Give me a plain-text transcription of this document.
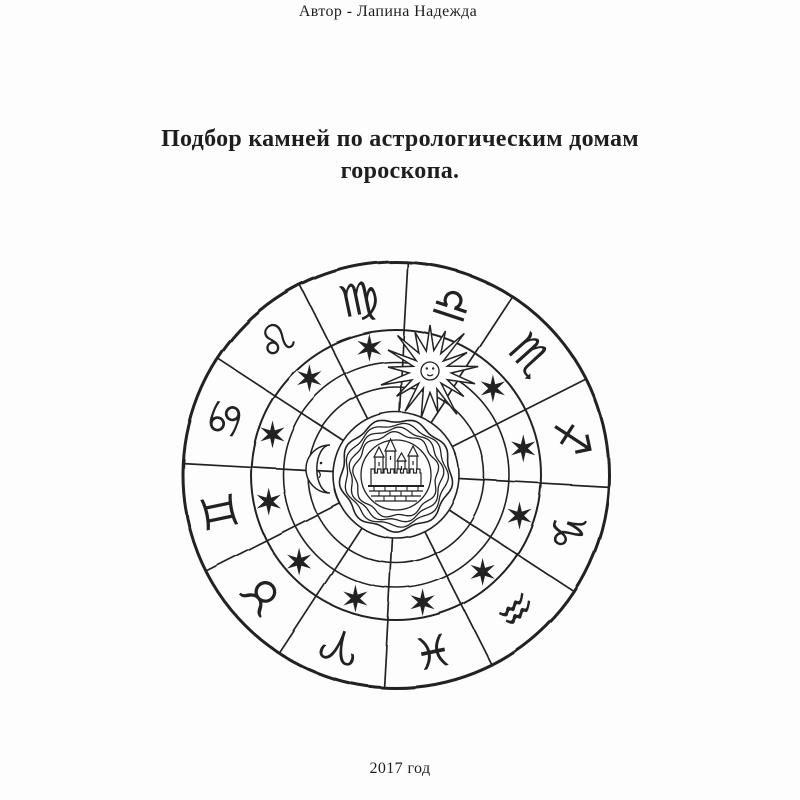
Автор - Лапина Надежда
Подбор камней по астрологическим домам
гороскопа.
♍ ♎
♏
♐
♑
♒
♓
♈
♉
♊
♋
♌
2017 год
